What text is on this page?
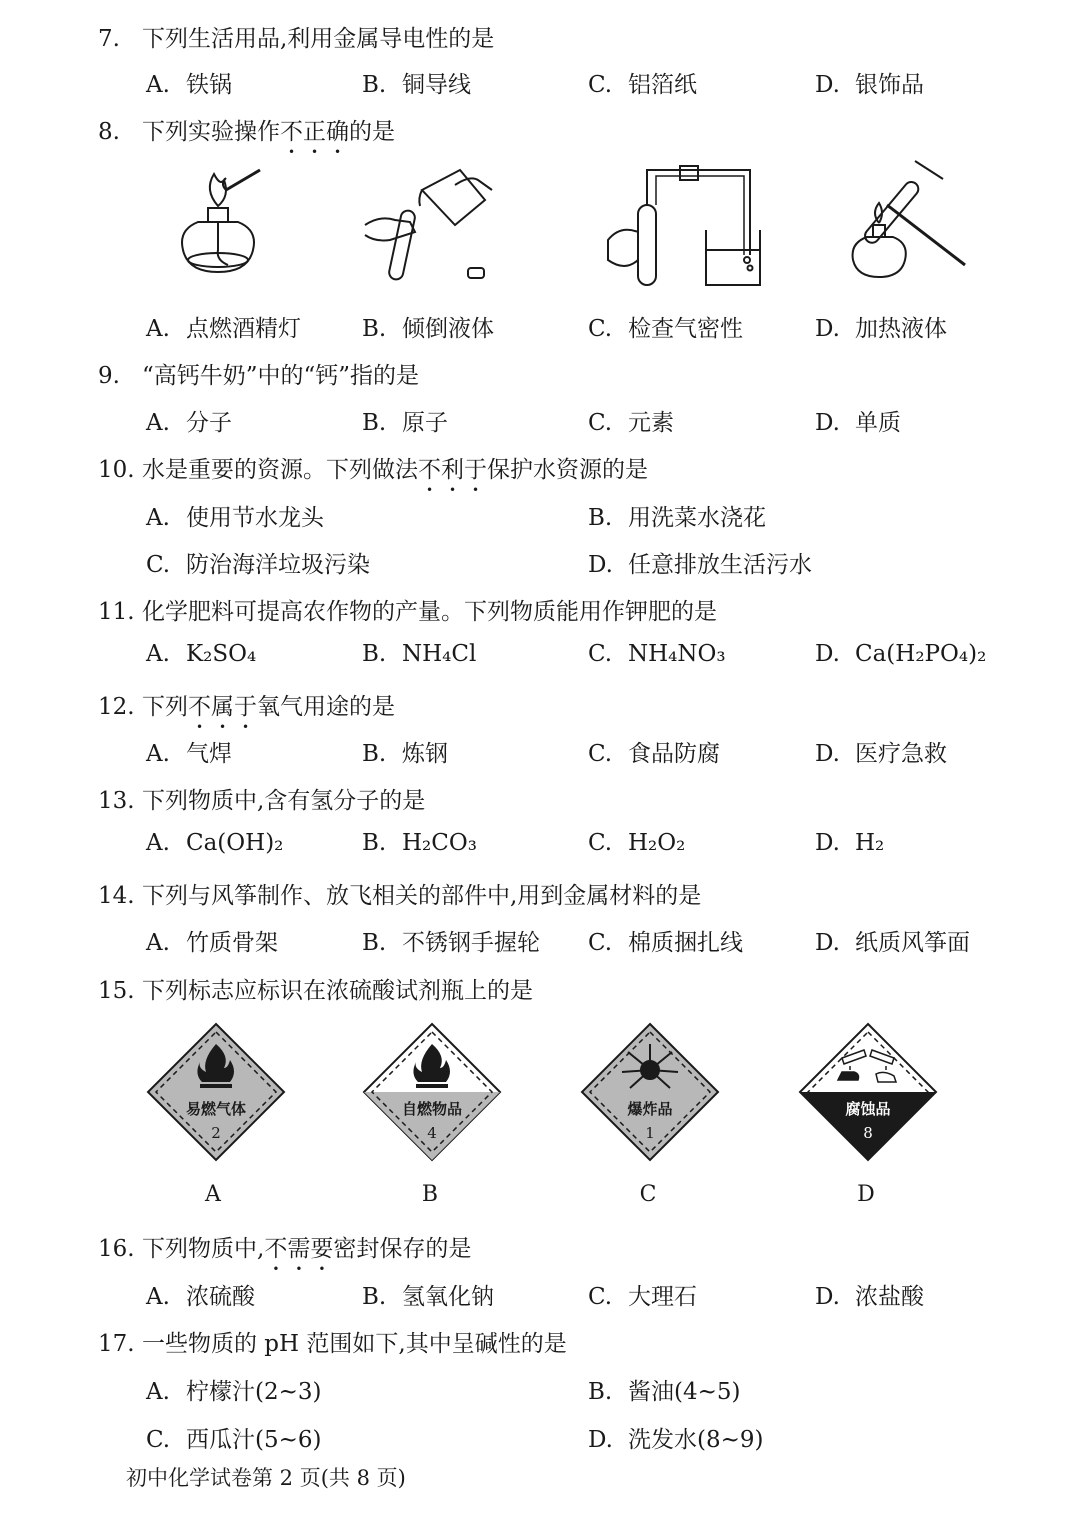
7. 下列生活用品,利用金属导电性的是
A. 铁锅	B. 铜导线	C. 铝箔纸	D. 银饰品
8. 下列实验操作不正确的是
A. 点燃酒精灯	B. 倾倒液体	C. 检查气密性	D. 加热液体
9. “高钙牛奶”中的“钙”指的是
A. 分子	B. 原子	C. 元素	D. 单质
10. 水是重要的资源。下列做法不利于保护水资源的是
A. 使用节水龙头	B. 用洗菜水浇花
C. 防治海洋垃圾污染	D. 任意排放生活污水
11. 化学肥料可提高农作物的产量。下列物质能用作钾肥的是
A. K₂SO₄	B. NH₄Cl	C. NH₄NO₃	D. Ca(H₂PO₄)₂
12. 下列不属于氧气用途的是
A. 气焊	B. 炼钢	C. 食品防腐	D. 医疗急救
13. 下列物质中,含有氢分子的是
A. Ca(OH)₂	B. H₂CO₃	C. H₂O₂	D. H₂
14. 下列与风筝制作、放飞相关的部件中,用到金属材料的是
A. 竹质骨架	B. 不锈钢手握轮 C. 棉质捆扎线	D. 纸质风筝面
15. 下列标志应标识在浓硫酸试剂瓶上的是
易燃气体
2
自燃物品
4
爆炸品
1
腐蚀品
8
A	B	C	D
16. 下列物质中,不需要密封保存的是
A. 浓硫酸	B. 氢氧化钠	C. 大理石	D. 浓盐酸
17. 一些物质的 pH 范围如下,其中呈碱性的是
A. 柠檬汁(2~3)	B. 酱油(4~5)
C. 西瓜汁(5~6)	D. 洗发水(8~9)
初中化学试卷第 2 页(共 8 页)
